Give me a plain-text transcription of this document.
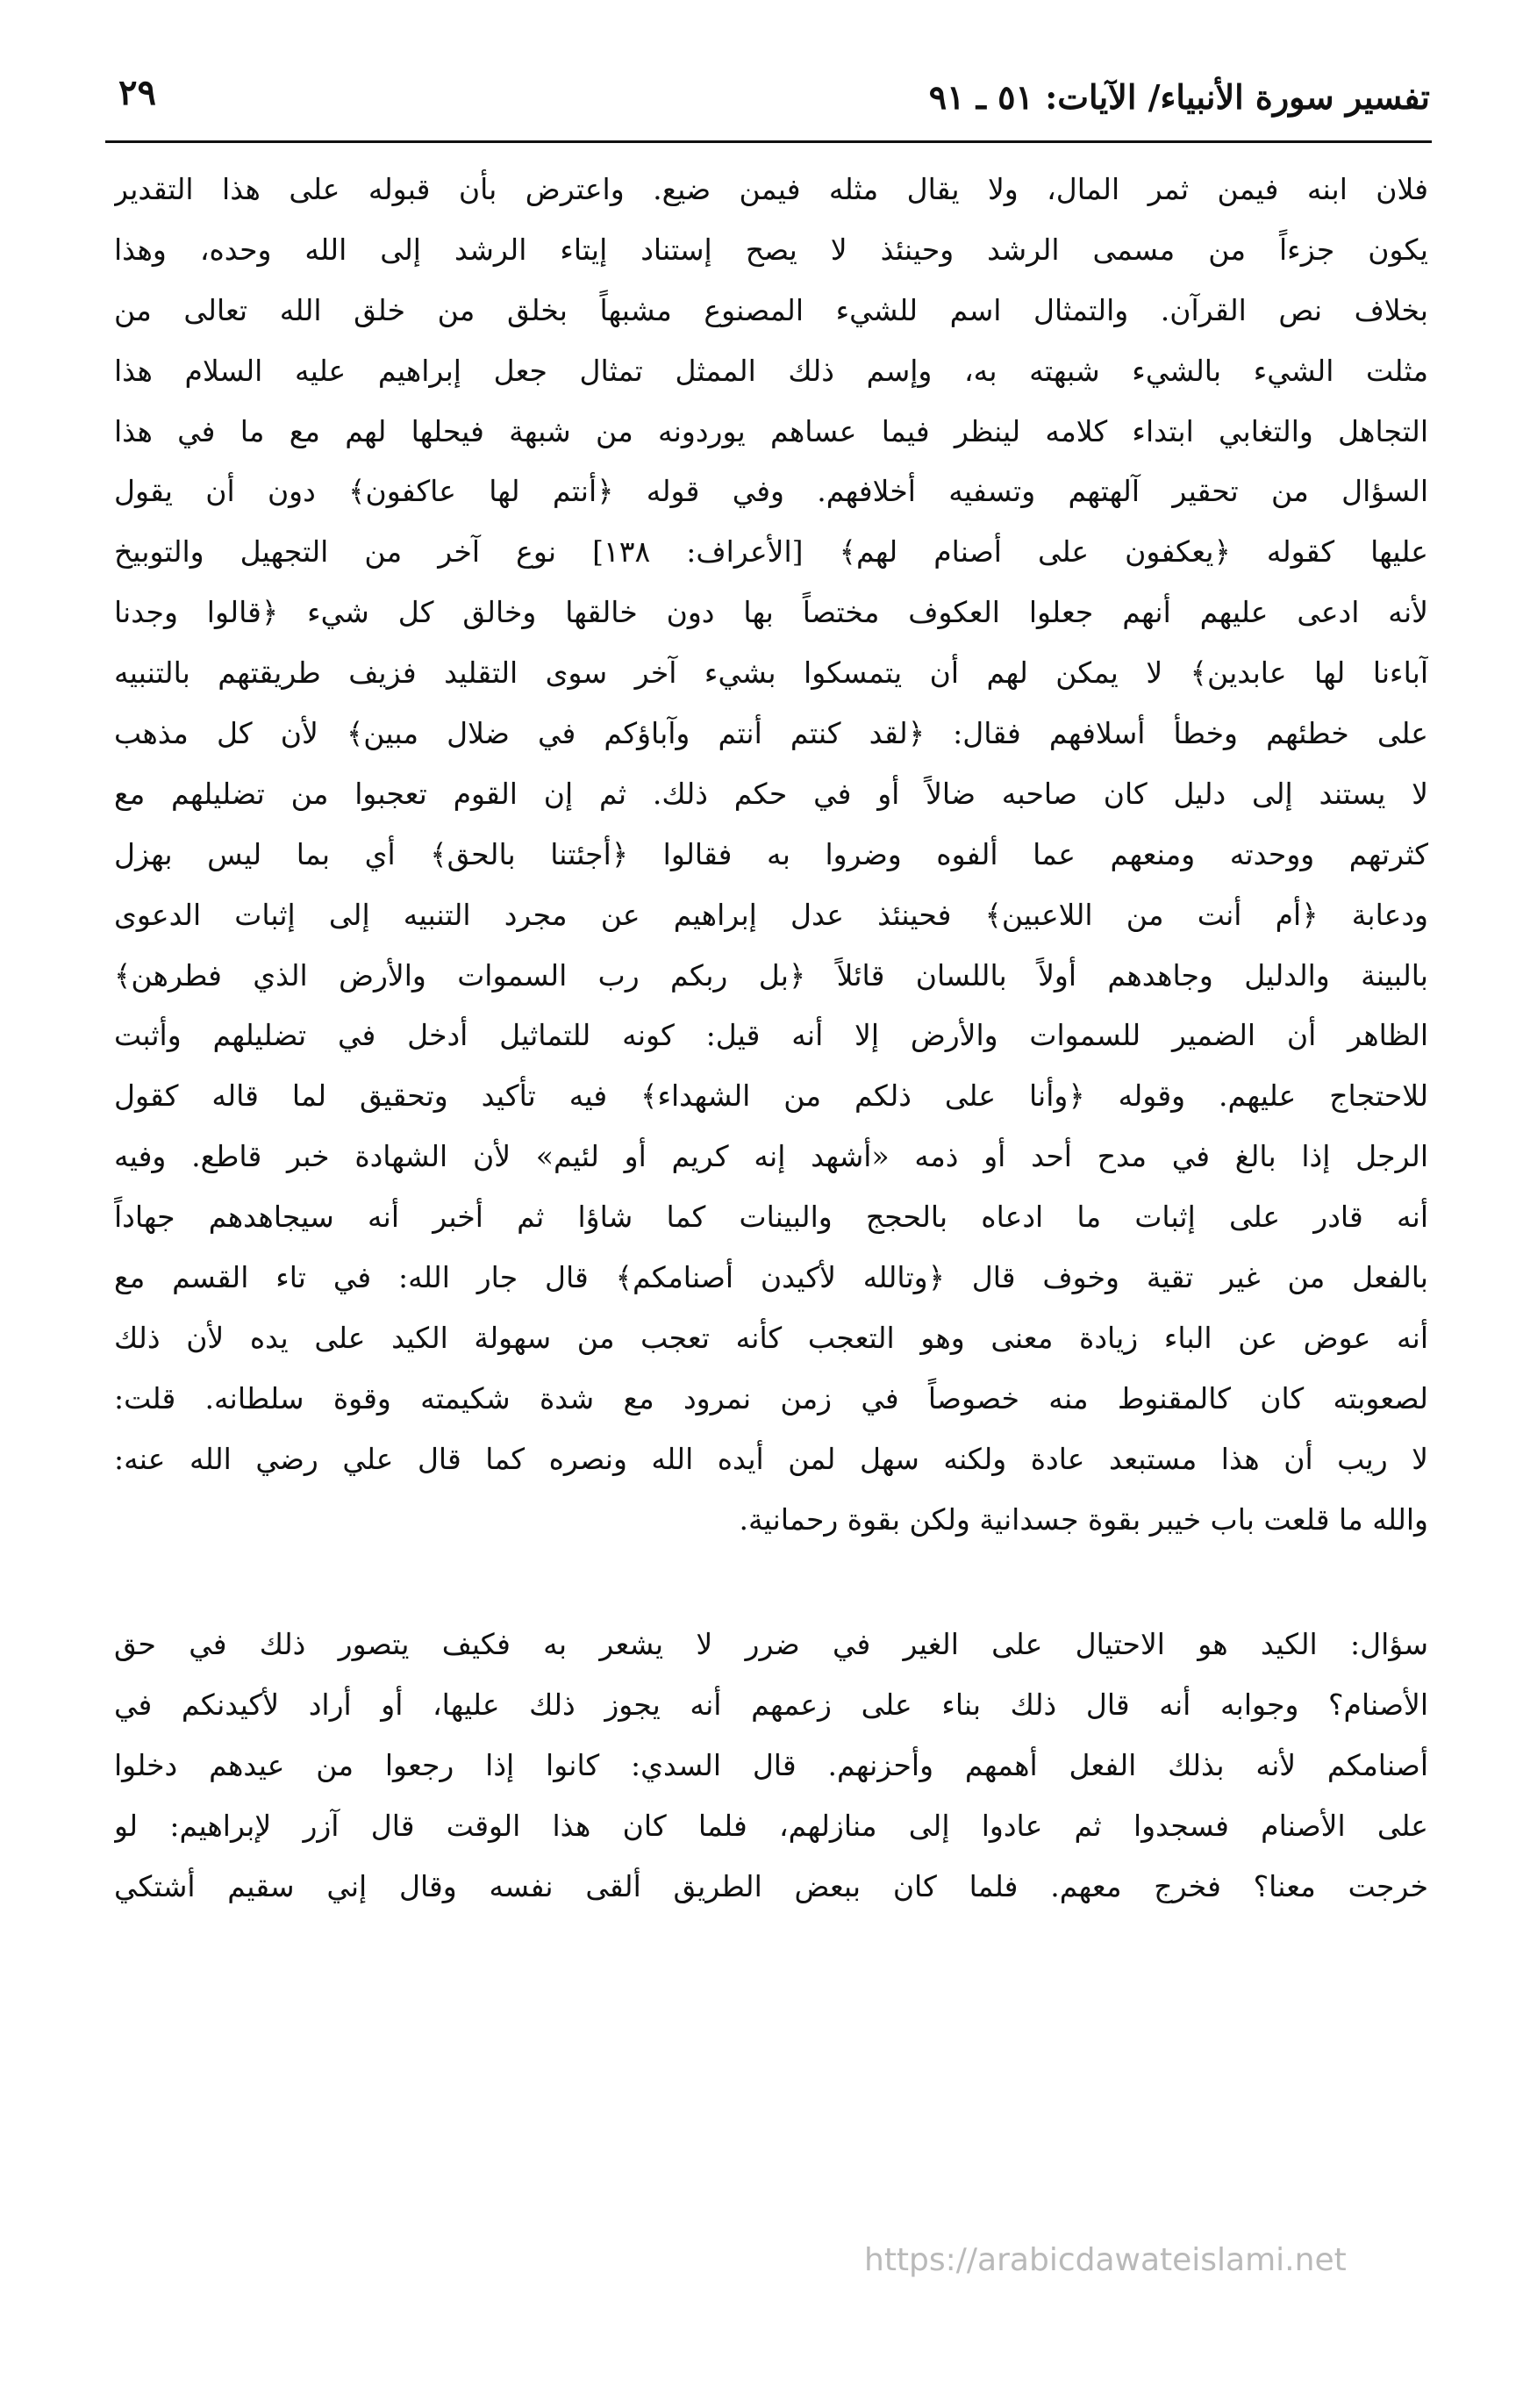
تفسير سورة الأنبياء/ الآيات: ٥١ ـ ٩١
٢٩
فلان ابنه فيمن ثمر المال، ولا يقال مثله فيمن ضيع. واعترض بأن قبوله على هذا التقدير
يكون جزءاً من مسمى الرشد وحينئذ لا يصح إستناد إيتاء الرشد إلى الله وحده، وهذا
بخلاف نص القرآن. والتمثال اسم للشيء المصنوع مشبهاً بخلق من خلق الله تعالى من
مثلت الشيء بالشيء شبهته به، وإسم ذلك الممثل تمثال جعل إبراهيم عليه السلام هذا
التجاهل والتغابي ابتداء كلامه لينظر فيما عساهم يوردونه من شبهة فيحلها لهم مع ما في هذا
السؤال من تحقير آلهتهم وتسفيه أخلافهم. وفي قوله ﴿أنتم لها عاكفون﴾ دون أن يقول
عليها كقوله ﴿يعكفون على أصنام لهم﴾ [الأعراف: ١٣٨] نوع آخر من التجهيل والتوبيخ
لأنه ادعى عليهم أنهم جعلوا العكوف مختصاً بها دون خالقها وخالق كل شيء ﴿قالوا وجدنا
آباءنا لها عابدين﴾ لا يمكن لهم أن يتمسكوا بشيء آخر سوى التقليد فزيف طريقتهم بالتنبيه
على خطئهم وخطأ أسلافهم فقال: ﴿لقد كنتم أنتم وآباؤكم في ضلال مبين﴾ لأن كل مذهب
لا يستند إلى دليل كان صاحبه ضالاً أو في حكم ذلك. ثم إن القوم تعجبوا من تضليلهم مع
كثرتهم ووحدته ومنعهم عما ألفوه وضروا به فقالوا ﴿أجئتنا بالحق﴾ أي بما ليس بهزل
ودعابة ﴿أم أنت من اللاعبين﴾ فحينئذ عدل إبراهيم عن مجرد التنبيه إلى إثبات الدعوى
بالبينة والدليل وجاهدهم أولاً باللسان قائلاً ﴿بل ربكم رب السموات والأرض الذي فطرهن﴾
الظاهر أن الضمير للسموات والأرض إلا أنه قيل: كونه للتماثيل أدخل في تضليلهم وأثبت
للاحتجاج عليهم. وقوله ﴿وأنا على ذلكم من الشهداء﴾ فيه تأكيد وتحقيق لما قاله كقول
الرجل إذا بالغ في مدح أحد أو ذمه «أشهد إنه كريم أو لئيم» لأن الشهادة خبر قاطع. وفيه
أنه قادر على إثبات ما ادعاه بالحجج والبينات كما شاؤا ثم أخبر أنه سيجاهدهم جهاداً
بالفعل من غير تقية وخوف قال ﴿وتالله لأكيدن أصنامكم﴾ قال جار الله: في تاء القسم مع
أنه عوض عن الباء زيادة معنى وهو التعجب كأنه تعجب من سهولة الكيد على يده لأن ذلك
لصعوبته كان كالمقنوط منه خصوصاً في زمن نمرود مع شدة شكيمته وقوة سلطانه. قلت:
لا ريب أن هذا مستبعد عادة ولكنه سهل لمن أيده الله ونصره كما قال علي رضي الله عنه:
والله ما قلعت باب خيبر بقوة جسدانية ولكن بقوة رحمانية.
سؤال: الكيد هو الاحتيال على الغير في ضرر لا يشعر به فكيف يتصور ذلك في حق
الأصنام؟ وجوابه أنه قال ذلك بناء على زعمهم أنه يجوز ذلك عليها، أو أراد لأكيدنكم في
أصنامكم لأنه بذلك الفعل أهمهم وأحزنهم. قال السدي: كانوا إذا رجعوا من عيدهم دخلوا
على الأصنام فسجدوا ثم عادوا إلى منازلهم، فلما كان هذا الوقت قال آزر لإبراهيم: لو
خرجت معنا؟ فخرج معهم. فلما كان ببعض الطريق ألقى نفسه وقال إني سقيم أشتكي
https://arabicdawateislami.net
